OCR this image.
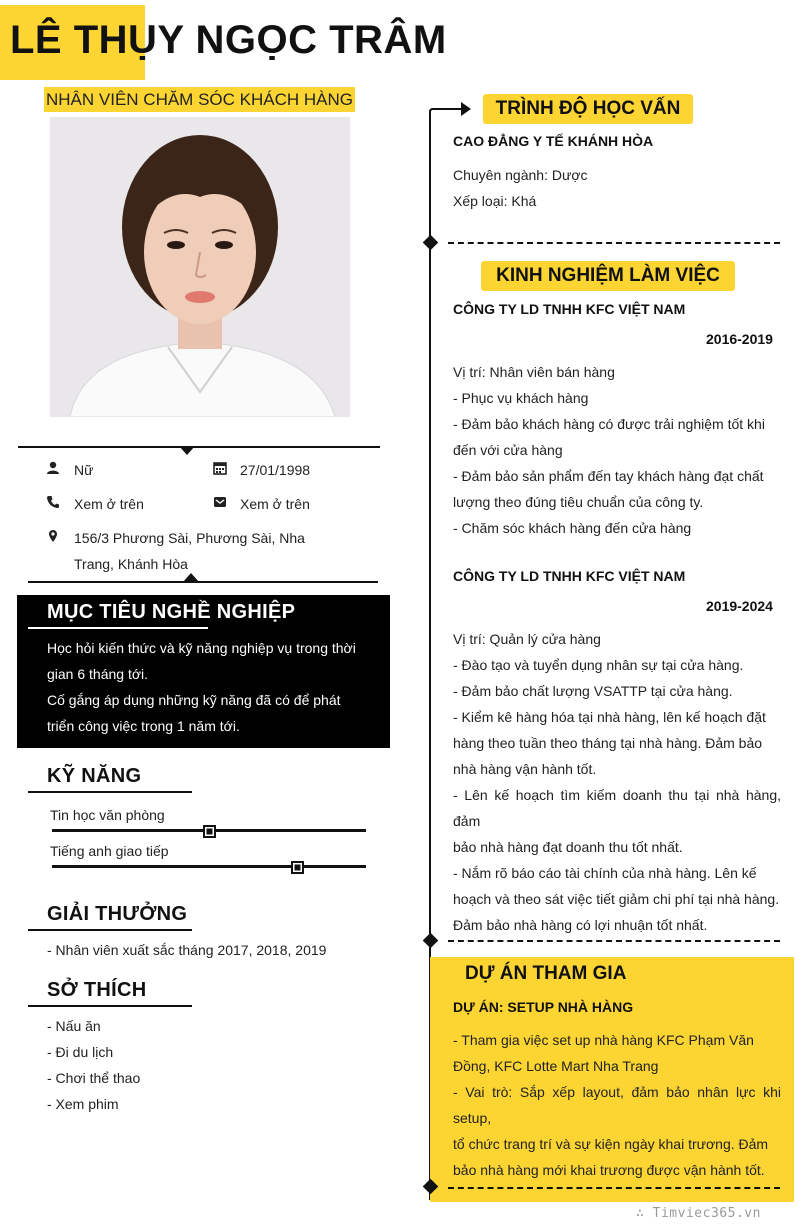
LÊ THỤY NGỌC TRÂM
NHÂN VIÊN CHĂM SÓC KHÁCH HÀNG
Nữ	27/01/1998
Xem ở trên	Xem ở trên
156/3 Phương Sài, Phương Sài, Nha
Trang, Khánh Hòa
MỤC TIÊU NGHỀ NGHIỆP
Học hỏi kiến thức và kỹ năng nghiệp vụ trong thời
gian 6 tháng tới.
Cố gắng áp dụng những kỹ năng đã có để phát
triển công việc trong 1 năm tới.
KỸ NĂNG
Tin học văn phòng
Tiếng anh giao tiếp
GIẢI THƯỞNG
- Nhân viên xuất sắc tháng 2017, 2018, 2019
SỞ THÍCH
- Nấu ăn
- Đi du lịch
- Chơi thể thao
- Xem phim
TRÌNH ĐỘ HỌC VẤN
CAO ĐẲNG Y TẾ KHÁNH HÒA
Chuyên ngành: Dược
Xếp loại: Khá
KINH NGHIỆM LÀM VIỆC
CÔNG TY LD TNHH KFC VIỆT NAM
2016-2019
Vị trí: Nhân viên bán hàng
- Phục vụ khách hàng
- Đảm bảo khách hàng có được trải nghiệm tốt khi
đến với cửa hàng
- Đảm bảo sản phẩm đến tay khách hàng đạt chất
lượng theo đúng tiêu chuẩn của công ty.
- Chăm sóc khách hàng đến cửa hàng
CÔNG TY LD TNHH KFC VIỆT NAM
2019-2024
Vị trí: Quản lý cửa hàng
- Đào tạo và tuyển dụng nhân sự tại cửa hàng.
- Đảm bảo chất lượng VSATTP tại cửa hàng.
- Kiểm kê hàng hóa tại nhà hàng, lên kế hoạch đặt
hàng theo tuần theo tháng tại nhà hàng. Đảm bảo
nhà hàng vận hành tốt.
- Lên kế hoạch tìm kiếm doanh thu tại nhà hàng, đảm
bảo nhà hàng đạt doanh thu tốt nhất.
- Nắm rõ báo cáo tài chính của nhà hàng. Lên kế
hoạch và theo sát việc tiết giảm chi phí tại nhà hàng.
Đảm bảo nhà hàng có lợi nhuận tốt nhất.
DỰ ÁN THAM GIA
DỰ ÁN: SETUP NHÀ HÀNG
- Tham gia việc set up nhà hàng KFC Phạm Văn
Đồng, KFC Lotte Mart Nha Trang
- Vai trò: Sắp xếp layout, đảm bảo nhân lực khi setup,
tổ chức trang trí và sự kiện ngày khai trương. Đảm
bảo nhà hàng mới khai trương được vận hành tốt.
∴ Timviec365.vn
